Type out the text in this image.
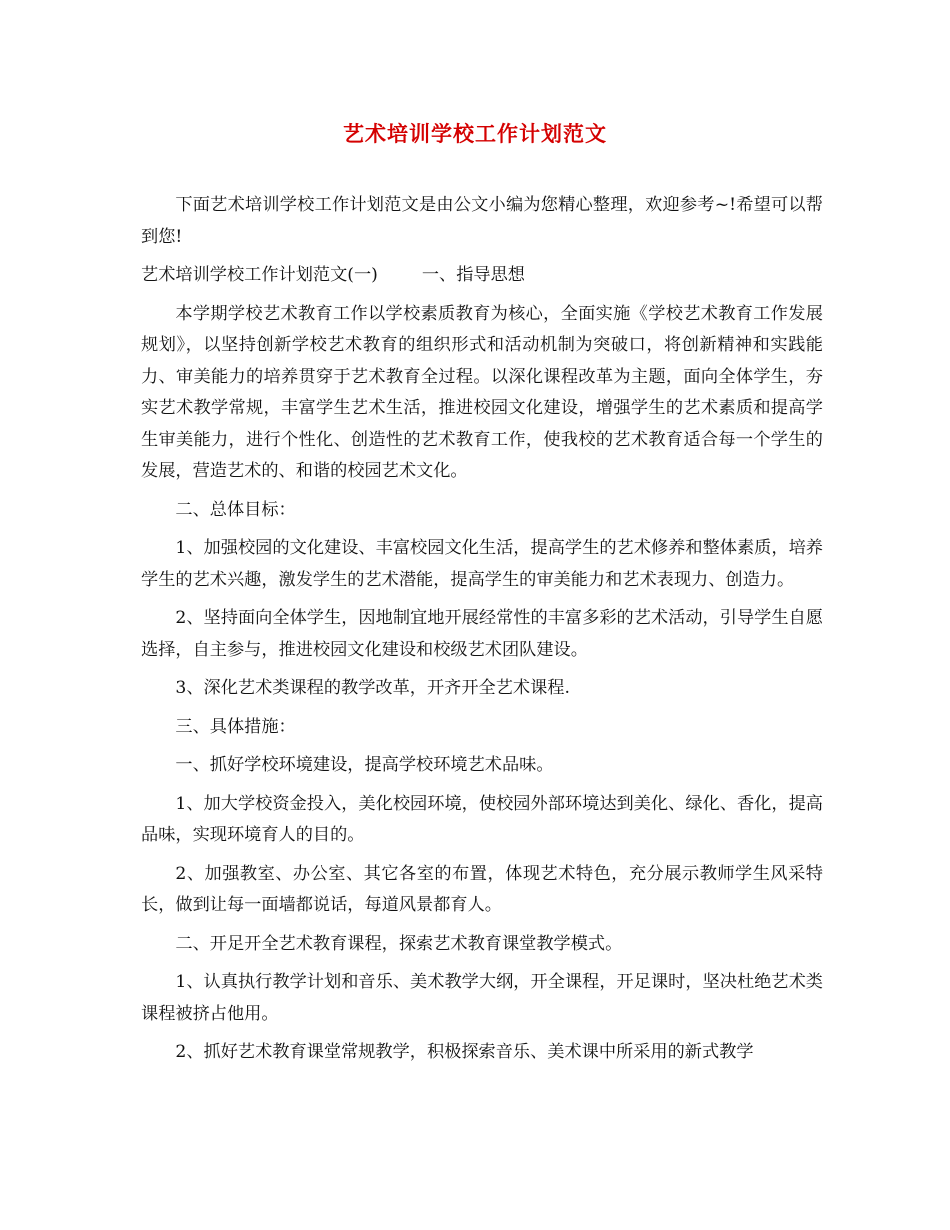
艺术培训学校工作计划范文

下面艺术培训学校工作计划范文是由公文小编为您精心整理，欢迎参考~!希望可以帮到您!

艺术培训学校工作计划范文(一)	一、指导思想

本学期学校艺术教育工作以学校素质教育为核心，全面实施《学校艺术教育工作发展规划》，以坚持创新学校艺术教育的组织形式和活动机制为突破口，将创新精神和实践能力、审美能力的培养贯穿于艺术教育全过程。以深化课程改革为主题，面向全体学生，夯实艺术教学常规，丰富学生艺术生活，推进校园文化建设，增强学生的艺术素质和提高学生审美能力，进行个性化、创造性的艺术教育工作，使我校的艺术教育适合每一个学生的发展，营造艺术的、和谐的校园艺术文化。

二、总体目标：

1、加强校园的文化建设、丰富校园文化生活，提高学生的艺术修养和整体素质，培养学生的艺术兴趣，激发学生的艺术潜能，提高学生的审美能力和艺术表现力、创造力。

2、坚持面向全体学生，因地制宜地开展经常性的丰富多彩的艺术活动，引导学生自愿选择，自主参与，推进校园文化建设和校级艺术团队建设。

3、深化艺术类课程的教学改革，开齐开全艺术课程.

三、具体措施：

一、抓好学校环境建设，提高学校环境艺术品味。

1、加大学校资金投入，美化校园环境，使校园外部环境达到美化、绿化、香化，提高品味，实现环境育人的目的。

2、加强教室、办公室、其它各室的布置，体现艺术特色，充分展示教师学生风采特长，做到让每一面墙都说话，每道风景都育人。

二、开足开全艺术教育课程，探索艺术教育课堂教学模式。

1、认真执行教学计划和音乐、美术教学大纲，开全课程，开足课时，坚决杜绝艺术类课程被挤占他用。

2、抓好艺术教育课堂常规教学，积极探索音乐、美术课中所采用的新式教学
